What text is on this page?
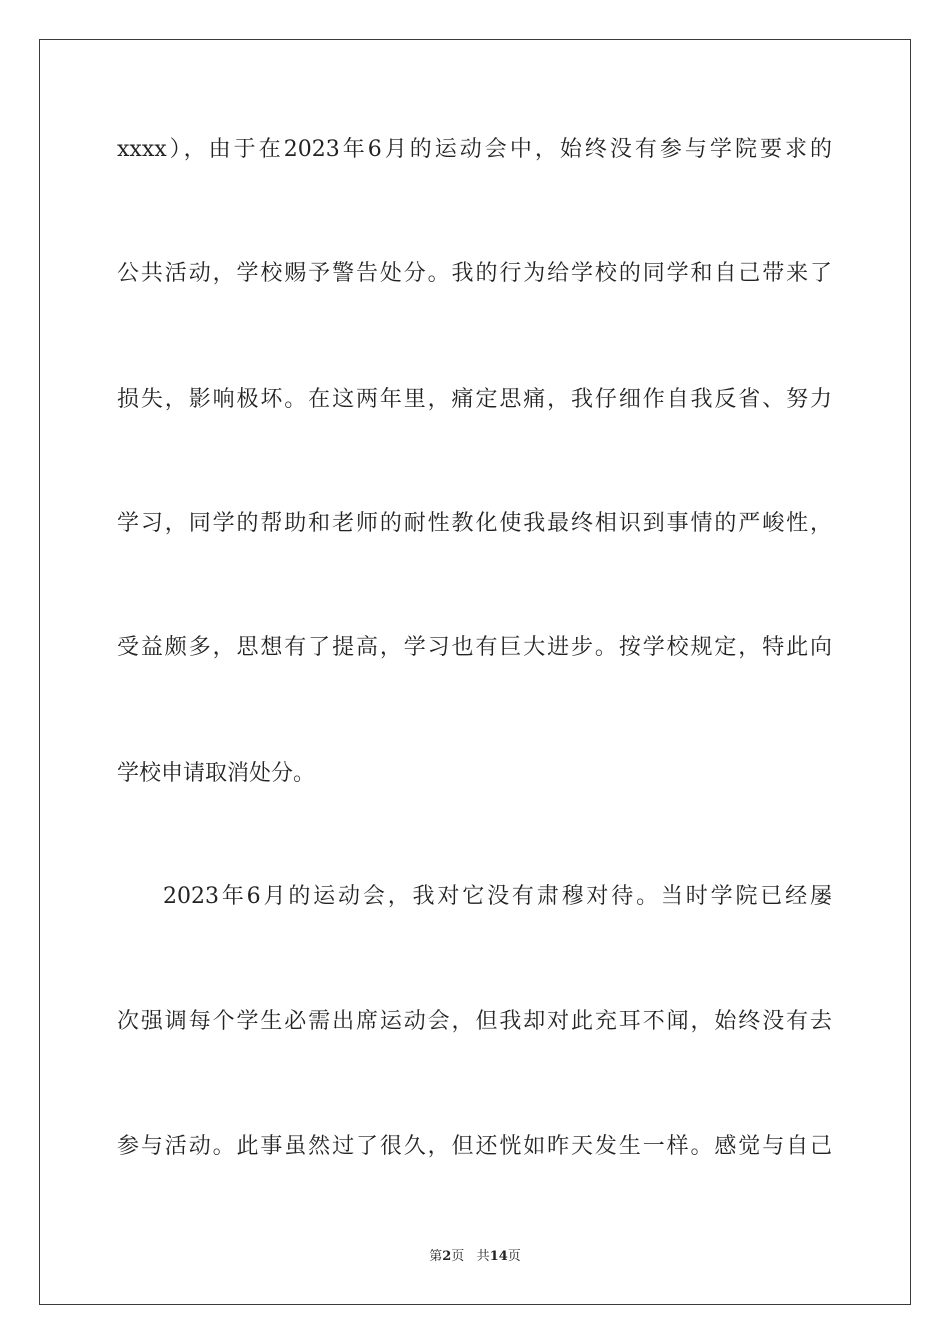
xxxx），由于在2023年6月的运动会中，始终没有参与学院要求的
公共活动，学校赐予警告处分。我的行为给学校的同学和自己带来了
损失，影响极坏。在这两年里，痛定思痛，我仔细作自我反省、努力
学习，同学的帮助和老师的耐性教化使我最终相识到事情的严峻性，
受益颇多，思想有了提高，学习也有巨大进步。按学校规定，特此向
学校申请取消处分。
2023年6月的运动会，我对它没有肃穆对待。当时学院已经屡
次强调每个学生必需出席运动会，但我却对此充耳不闻，始终没有去
参与活动。此事虽然过了很久，但还恍如昨天发生一样。感觉与自己
第2页 共14页
